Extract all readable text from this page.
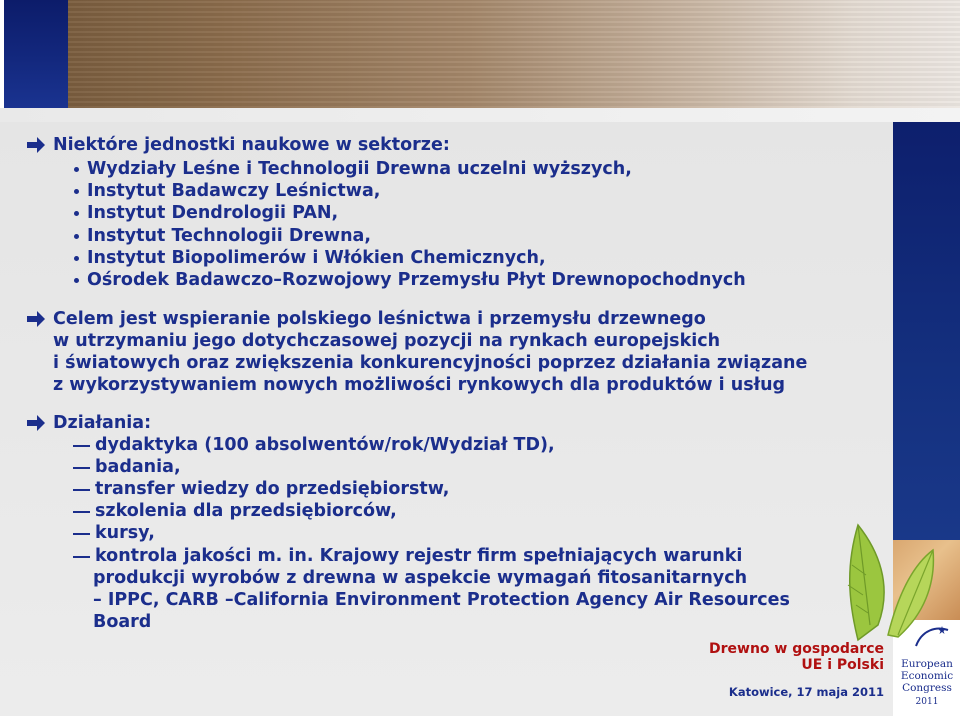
Niektóre jednostki naukowe w sektorze:
Wydziały Leśne i Technologii Drewna uczelni wyższych,
Instytut Badawczy Leśnictwa,
Instytut Dendrologii PAN,
Instytut Technologii Drewna,
Instytut Biopolimerów i Włókien Chemicznych,
Ośrodek Badawczo–Rozwojowy Przemysłu Płyt Drewnopochodnych
Celem jest wspieranie polskiego leśnictwa i przemysłu drzewnego
w utrzymaniu jego dotychczasowej pozycji na rynkach europejskich
i światowych oraz zwiększenia konkurencyjności poprzez działania związane
z wykorzystywaniem nowych możliwości rynkowych dla produktów i usług
Działania:
dydaktyka (100 absolwentów/rok/Wydział TD),
badania,
transfer wiedzy do przedsiębiorstw,
szkolenia dla przedsiębiorców,
kursy,
kontrola jakości m. in. Krajowy rejestr firm spełniających warunki
produkcji wyrobów z drewna w aspekcie wymagań fitosanitarnych
– IPPC, CARB –California Environment Protection Agency Air Resources
Board
Drewno w gospodarce
UE i Polski
Katowice, 17 maja 2011
European
Economic
Congress
2011
